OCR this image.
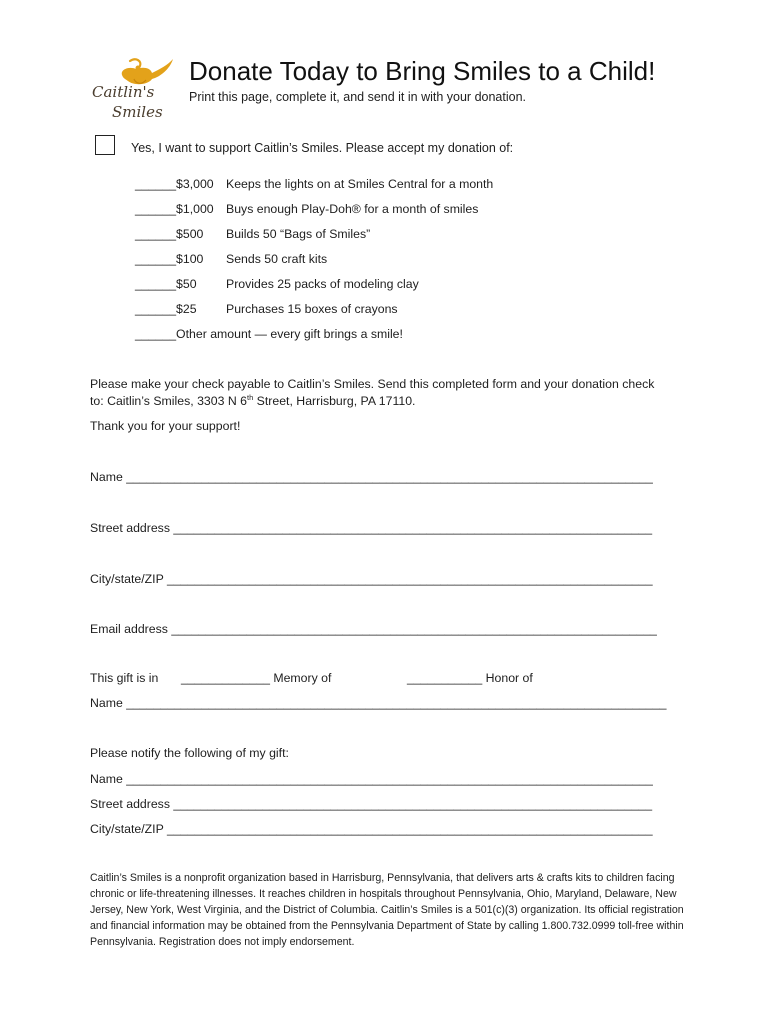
Caitlin's
Smiles
Donate Today to Bring Smiles to a Child!
Print this page, complete it, and send it in with your donation.
Yes, I want to support Caitlin’s Smiles. Please accept my donation of:
______$3,000 Keeps the lights on at Smiles Central for a month
______$1,000 Buys enough Play-Doh® for a month of smiles
______$500 Builds 50 “Bags of Smiles”
______$100 Sends 50 craft kits
______$50 Provides 25 packs of modeling clay
______$25 Purchases 15 boxes of crayons
______Other amount — every gift brings a smile!
Please make your check payable to Caitlin’s Smiles. Send this completed form and your donation check
to: Caitlin’s Smiles, 3303 N 6th Street, Harrisburg, PA 17110.
Thank you for your support!
Name _____________________________________________________________________________
Street address ______________________________________________________________________
City/state/ZIP _______________________________________________________________________
Email address _______________________________________________________________________
This gift is in _____________ Memory of	___________ Honor of
Name _______________________________________________________________________________
Please notify the following of my gift:
Name _____________________________________________________________________________
Street address ______________________________________________________________________
City/state/ZIP _______________________________________________________________________
Caitlin’s Smiles is a nonprofit organization based in Harrisburg, Pennsylvania, that delivers arts & crafts kits to children facing chronic or life-threatening illnesses. It reaches children in hospitals throughout Pennsylvania, Ohio, Maryland, Delaware, New Jersey, New York, West Virginia, and the District of Columbia. Caitlin’s Smiles is a 501(c)(3) organization. Its official registration and financial information may be obtained from the Pennsylvania Department of State by calling 1.800.732.0999 toll-free within Pennsylvania. Registration does not imply endorsement.
